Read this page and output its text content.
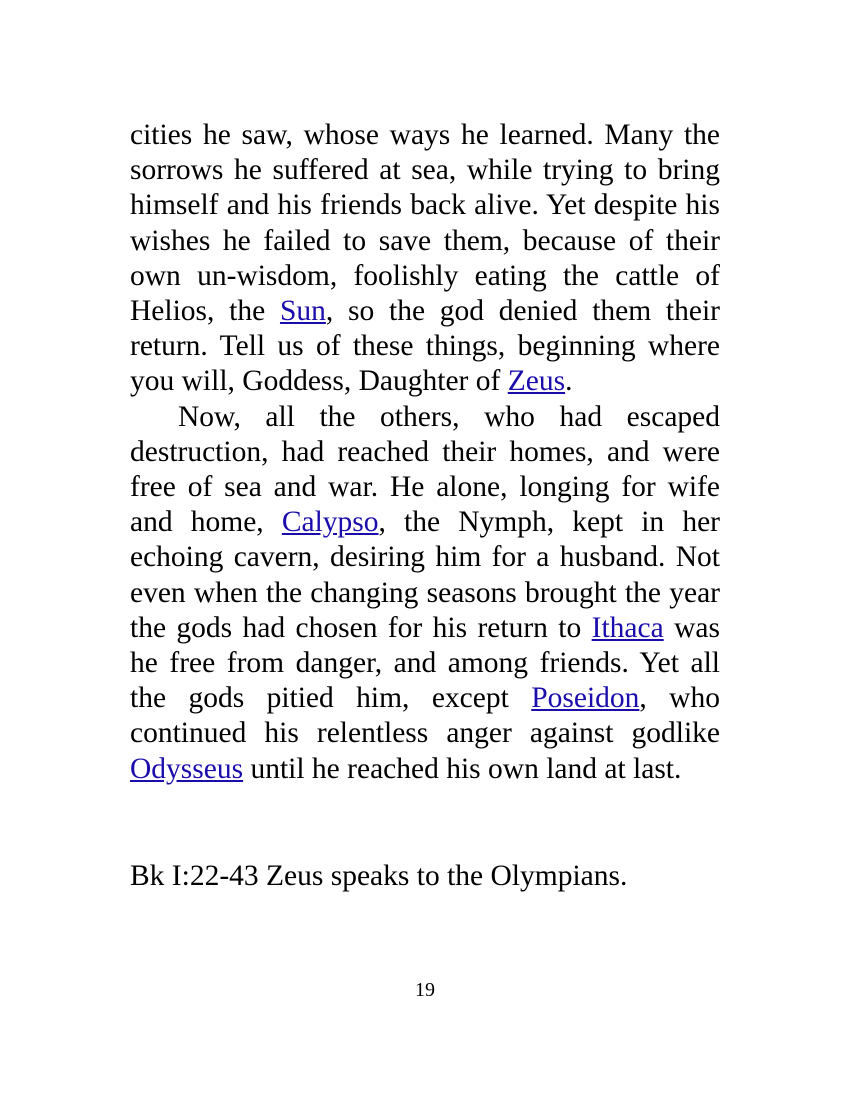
cities he saw, whose ways he learned. Many the sorrows he suffered at sea, while trying to bring himself and his friends back alive. Yet despite his wishes he failed to save them, because of their own un-wisdom, foolishly eating the cattle of Helios, the Sun, so the god denied them their return. Tell us of these things, beginning where you will, Goddess, Daughter of Zeus.

Now, all the others, who had escaped destruction, had reached their homes, and were free of sea and war. He alone, longing for wife and home, Calypso, the Nymph, kept in her echoing cavern, desiring him for a husband. Not even when the changing seasons brought the year the gods had chosen for his return to Ithaca was he free from danger, and among friends. Yet all the gods pitied him, except Poseidon, who continued his relentless anger against godlike Odysseus until he reached his own land at last.

Bk I:22-43 Zeus speaks to the Olympians.
19
